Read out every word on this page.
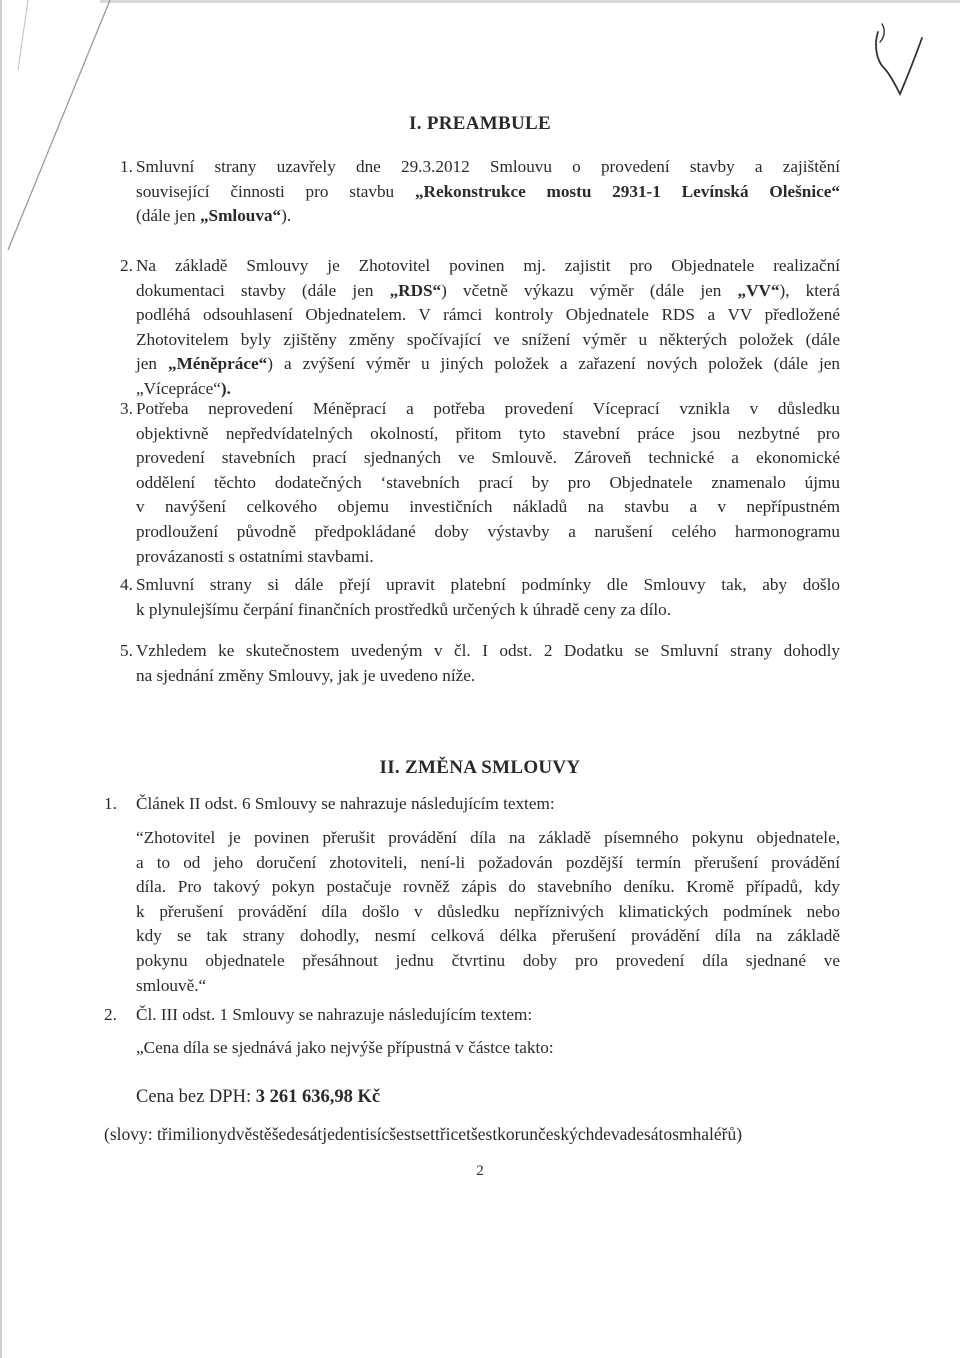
I. PREAMBULE
1. Smluvní strany uzavřely dne 29.3.2012 Smlouvu o provedení stavby a zajištění
související činnosti pro stavbu „Rekonstrukce mostu 2931-1 Levínská Olešnice“
(dále jen „Smlouva“).
2. Na základě Smlouvy je Zhotovitel povinen mj. zajistit pro Objednatele realizační
dokumentaci stavby (dále jen „RDS“) včetně výkazu výměr (dále jen „VV“), která
podléhá odsouhlasení Objednatelem. V rámci kontroly Objednatele RDS a VV předložené
Zhotovitelem byly zjištěny změny spočívající ve snížení výměr u některých položek (dále
jen „Méněpráce“) a zvýšení výměr u jiných položek a zařazení nových položek (dále jen
„Vícepráce“).
3. Potřeba neprovedení Méněprací a potřeba provedení Víceprací vznikla v důsledku
objektivně nepředvídatelných okolností, přitom tyto stavební práce jsou nezbytné pro
provedení stavebních prací sjednaných ve Smlouvě. Zároveň technické a ekonomické
oddělení těchto dodatečných ‘stavebních prací by pro Objednatele znamenalo újmu
v navýšení celkového objemu investičních nákladů na stavbu a v nepřípustném
prodloužení původně předpokládané doby výstavby a narušení celého harmonogramu
provázanosti s ostatními stavbami.
4. Smluvní strany si dále přejí upravit platební podmínky dle Smlouvy tak, aby došlo
k plynulejšímu čerpání finančních prostředků určených k úhradě ceny za dílo.
5. Vzhledem ke skutečnostem uvedeným v čl. I odst. 2 Dodatku se Smluvní strany dohodly
na sjednání změny Smlouvy, jak je uvedeno níže.
II. ZMĚNA SMLOUVY
1. Článek II odst. 6 Smlouvy se nahrazuje následujícím textem:
“Zhotovitel je povinen přerušit provádění díla na základě písemného pokynu objednatele,
a to od jeho doručení zhotoviteli, není-li požadován pozdější termín přerušení provádění
díla. Pro takový pokyn postačuje rovněž zápis do stavebního deníku. Kromě případů, kdy
k přerušení provádění díla došlo v důsledku nepříznivých klimatických podmínek nebo
kdy se tak strany dohodly, nesmí celková délka přerušení provádění díla na základě
pokynu objednatele přesáhnout jednu čtvrtinu doby pro provedení díla sjednané ve
smlouvě.“
2. Čl. III odst. 1 Smlouvy se nahrazuje následujícím textem:
„Cena díla se sjednává jako nejvýše přípustná v částce takto:
Cena bez DPH: 3 261 636,98 Kč
(slovy: třimilionydvěstěšedesátjedentisícšestsettřicetšestkorunčeskýchdevadesátosmhaléřů)
2
